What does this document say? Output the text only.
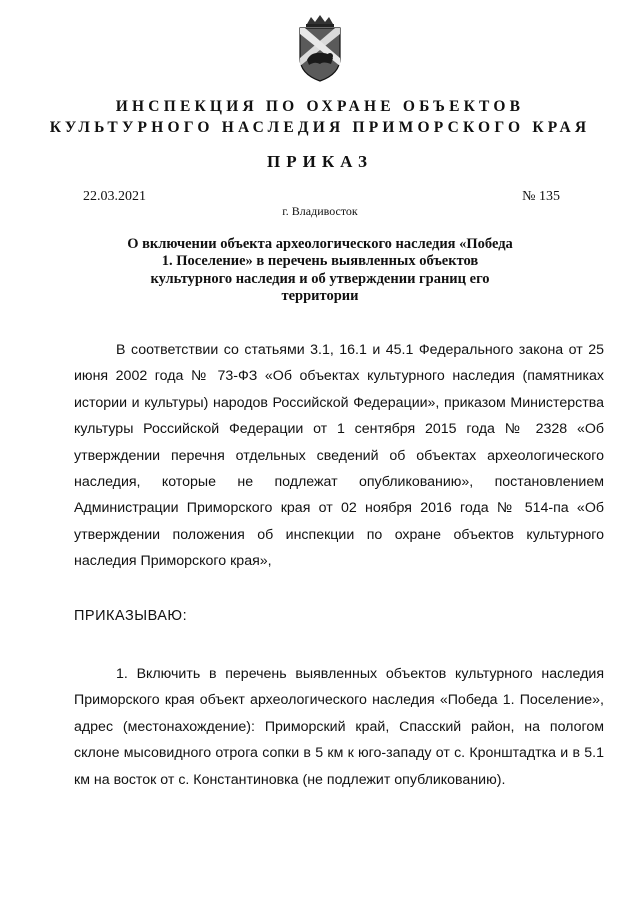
ИНСПЕКЦИЯ ПО ОХРАНЕ ОБЪЕКТОВ
КУЛЬТУРНОГО НАСЛЕДИЯ ПРИМОРСКОГО КРАЯ
ПРИКАЗ
22.03.2021	№ 135
г. Владивосток
О включении объекта археологического наследия «Победа 1. Поселение» в перечень выявленных объектов культурного наследия и об утверждении границ его территории
В соответствии со статьями 3.1, 16.1 и 45.1 Федерального закона от 25 июня 2002 года № 73-ФЗ «Об объектах культурного наследия (памятниках истории и культуры) народов Российской Федерации», приказом Министерства культуры Российской Федерации от 1 сентября 2015 года № 2328 «Об утверждении перечня отдельных сведений об объектах археологического наследия, которые не подлежат опубликованию», постановлением Администрации Приморского края от 02 ноября 2016 года № 514-па «Об утверждении положения об инспекции по охране объектов культурного наследия Приморского края»,
ПРИКАЗЫВАЮ:
1. Включить в перечень выявленных объектов культурного наследия Приморского края объект археологического наследия «Победа 1. Поселение», адрес (местонахождение): Приморский край, Спасский район, на пологом склоне мысовидного отрога сопки в 5 км к юго-западу от с. Кронштадтка и в 5.1 км на восток от с. Константиновка (не подлежит опубликованию).
